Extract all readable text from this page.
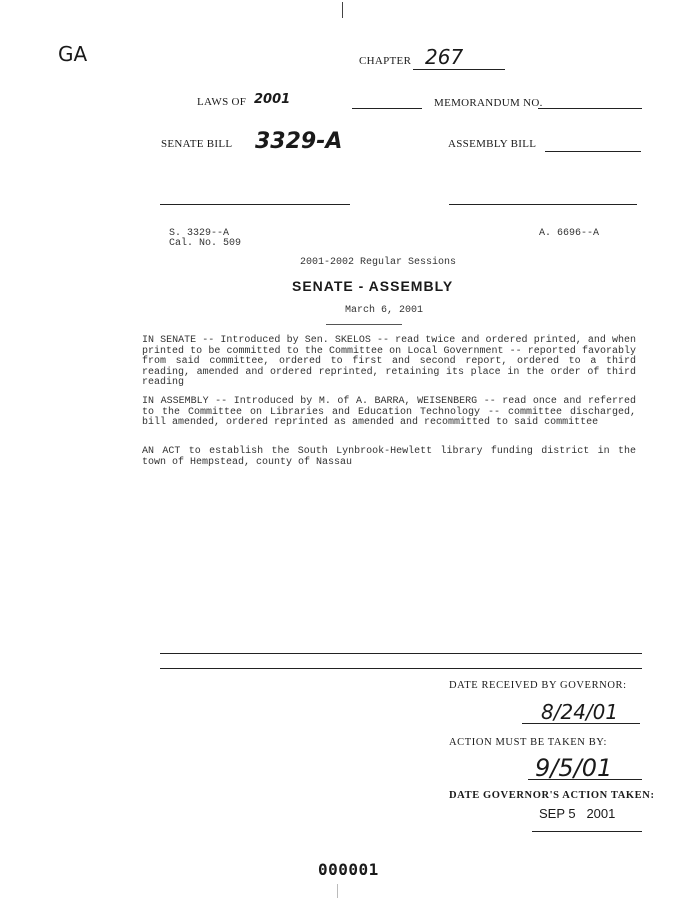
GA	CHAPTER 267
LAWS OF 2001	MEMORANDUM NO.
SENATE BILL 3329-A	ASSEMBLY BILL
S. 3329--A
Cal. No. 509
A. 6696--A
2001-2002 Regular Sessions
SENATE - ASSEMBLY
March 6, 2001
IN SENATE -- Introduced by Sen. SKELOS -- read twice and ordered printed, and when printed to be committed to the Committee on Local Government -- reported favorably from said committee, ordered to first and second report, ordered to a third reading, amended and ordered reprinted, retaining its place in the order of third reading
IN ASSEMBLY -- Introduced by M. of A. BARRA, WEISENBERG -- read once and referred to the Committee on Libraries and Education Technology -- committee discharged, bill amended, ordered reprinted as amended and recommitted to said committee
AN ACT to establish the South Lynbrook-Hewlett library funding district in the town of Hempstead, county of Nassau
DATE RECEIVED BY GOVERNOR:
8/24/01
ACTION MUST BE TAKEN BY:
9/5/01
DATE GOVERNOR'S ACTION TAKEN:
SEP 5   2001
000001
